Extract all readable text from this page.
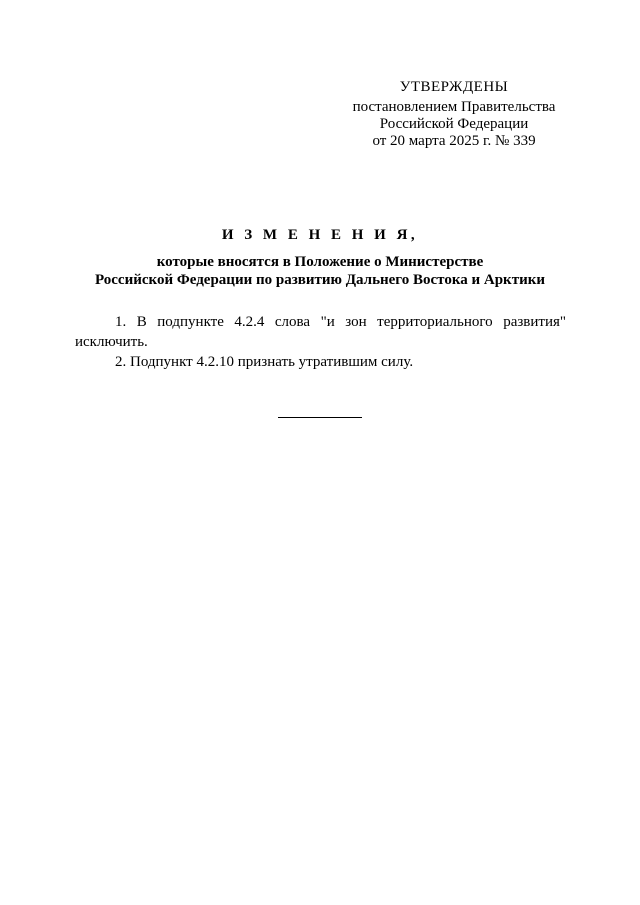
УТВЕРЖДЕНЫ
постановлением Правительства
Российской Федерации
от 20 марта 2025 г. № 339
И З М Е Н Е Н И Я,
которые вносятся в Положение о Министерстве
Российской Федерации по развитию Дальнего Востока и Арктики

1. В подпункте 4.2.4 слова "и зон территориального развития" исключить.

2. Подпункт 4.2.10 признать утратившим силу.
